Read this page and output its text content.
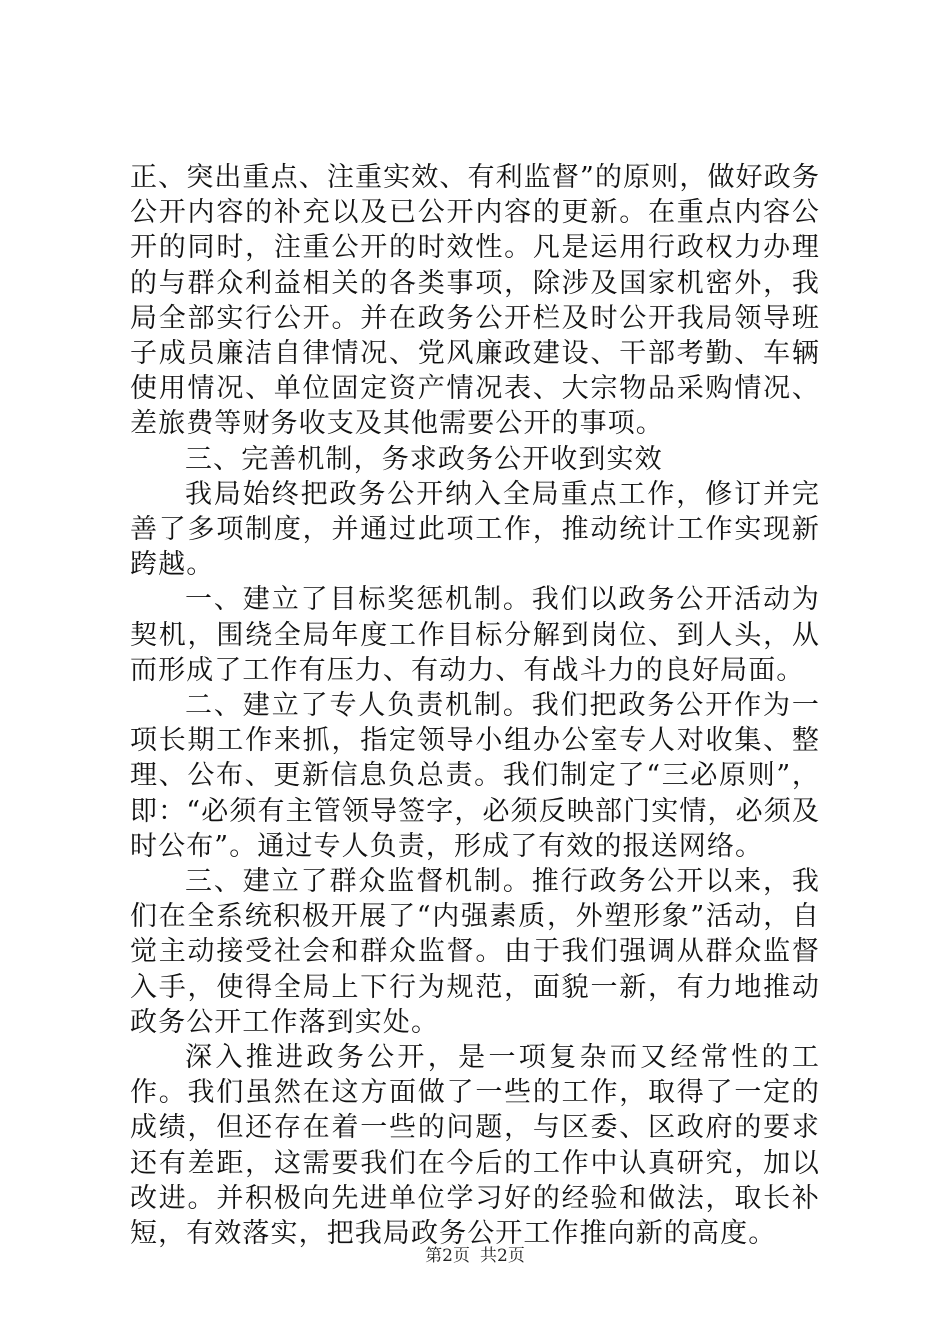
正、突出重点、注重实效、有利监督”的原则，做好政务公开内容的补充以及已公开内容的更新。在重点内容公开的同时，注重公开的时效性。凡是运用行政权力办理的与群众利益相关的各类事项，除涉及国家机密外，我局全部实行公开。并在政务公开栏及时公开我局领导班子成员廉洁自律情况、党风廉政建设、干部考勤、车辆使用情况、单位固定资产情况表、大宗物品采购情况、差旅费等财务收支及其他需要公开的事项。

三、完善机制，务求政务公开收到实效

我局始终把政务公开纳入全局重点工作，修订并完善了多项制度，并通过此项工作，推动统计工作实现新跨越。

一、建立了目标奖惩机制。我们以政务公开活动为契机，围绕全局年度工作目标分解到岗位、到人头，从而形成了工作有压力、有动力、有战斗力的良好局面。

二、建立了专人负责机制。我们把政务公开作为一项长期工作来抓，指定领导小组办公室专人对收集、整理、公布、更新信息负总责。我们制定了“三必原则”，即：“必须有主管领导签字，必须反映部门实情，必须及时公布”。通过专人负责，形成了有效的报送网络。

三、建立了群众监督机制。推行政务公开以来，我们在全系统积极开展了“内强素质，外塑形象”活动，自觉主动接受社会和群众监督。由于我们强调从群众监督入手，使得全局上下行为规范，面貌一新，有力地推动政务公开工作落到实处。

深入推进政务公开，是一项复杂而又经常性的工作。我们虽然在这方面做了一些的工作，取得了一定的成绩，但还存在着一些的问题，与区委、区政府的要求还有差距，这需要我们在今后的工作中认真研究，加以改进。并积极向先进单位学习好的经验和做法，取长补短，有效落实，把我局政务公开工作推向新的高度。

第2页 共2页
